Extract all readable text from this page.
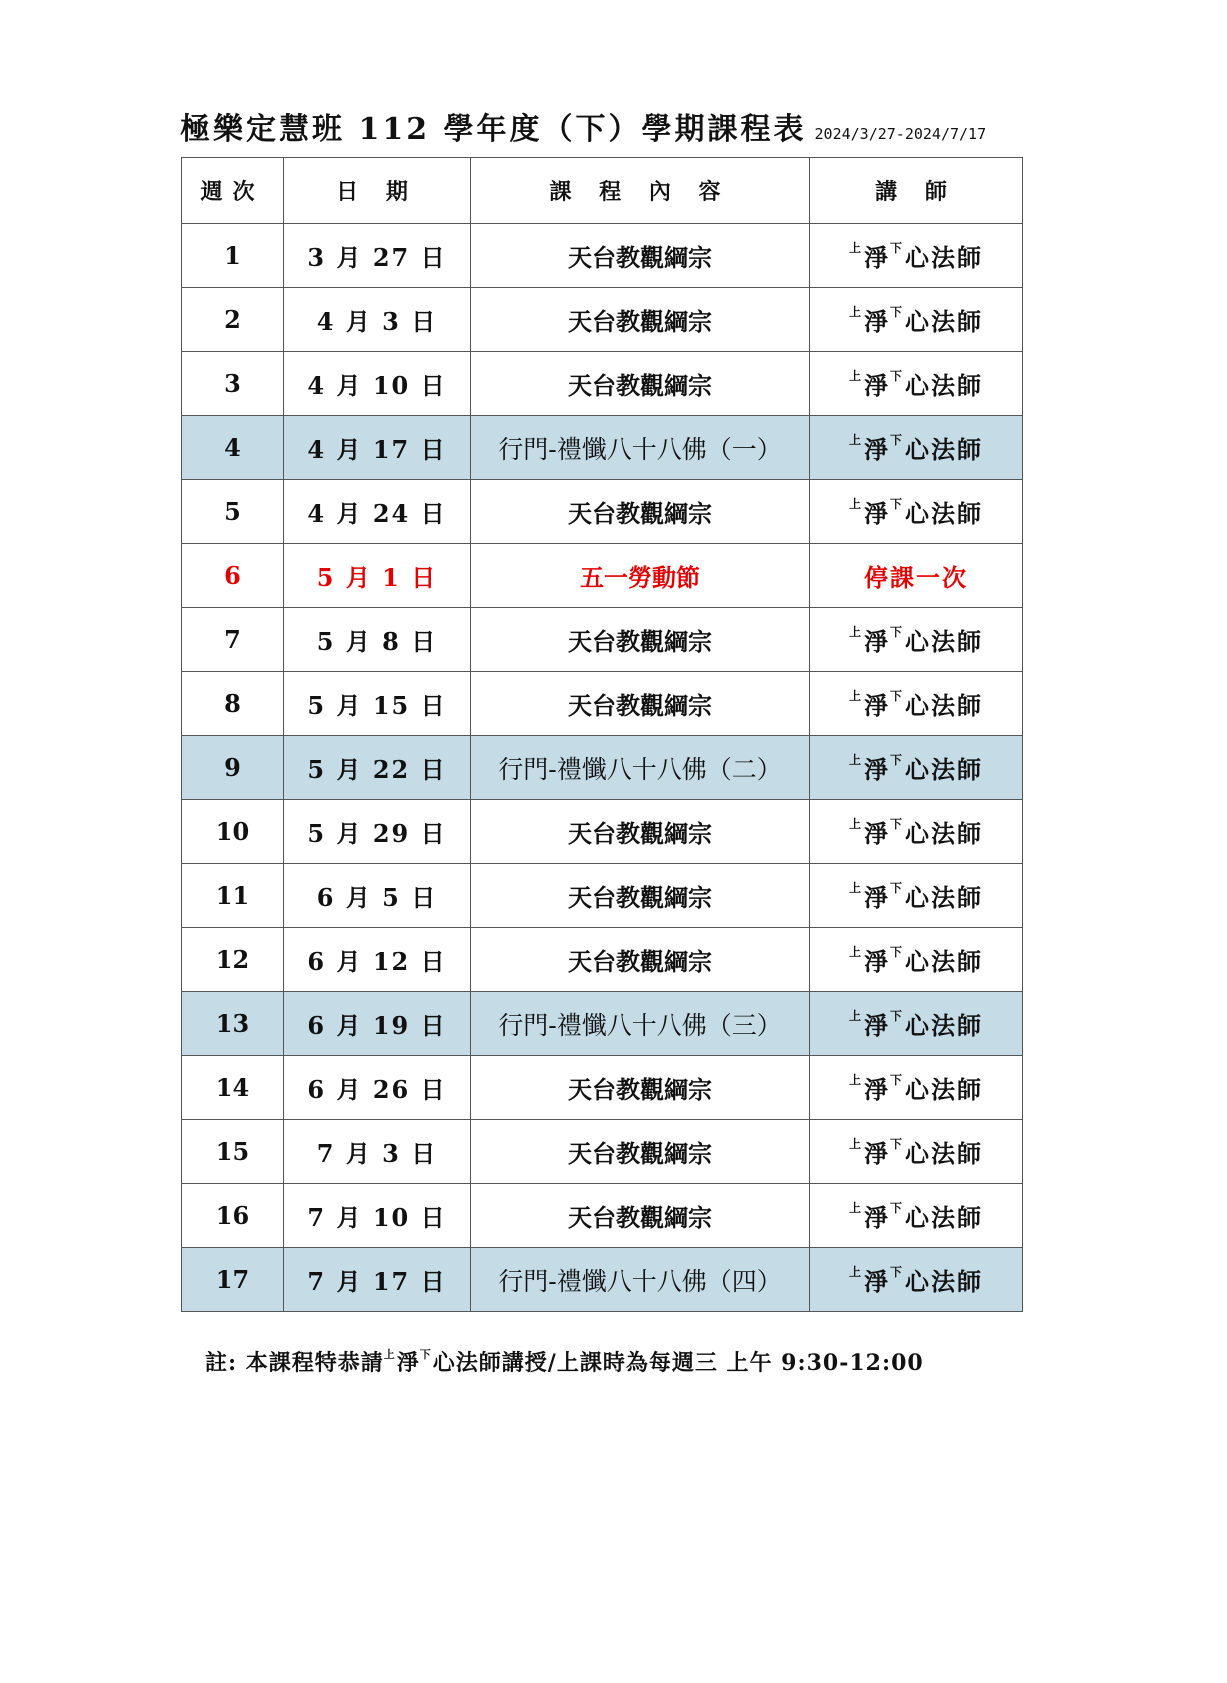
極樂定慧班 112 學年度（下）學期課程表 2024/3/27-2024/7/17
週次	日 期	課 程 內 容	講 師
1	3 月 27 日	天台教觀綱宗	$^上$淨$^下$心法師
2	4 月 3 日	天台教觀綱宗	$^上$淨$^下$心法師
3	4 月 10 日	天台教觀綱宗	$^上$淨$^下$心法師
4	4 月 17 日	行門-禮懺八十八佛（一）	$^上$淨$^下$心法師
5	4 月 24 日	天台教觀綱宗	$^上$淨$^下$心法師
6	5 月 1 日	五一勞動節	停課一次
7	5 月 8 日	天台教觀綱宗	$^上$淨$^下$心法師
8	5 月 15 日	天台教觀綱宗	$^上$淨$^下$心法師
9	5 月 22 日	行門-禮懺八十八佛（二）	$^上$淨$^下$心法師
10	5 月 29 日	天台教觀綱宗	$^上$淨$^下$心法師
11	6 月 5 日	天台教觀綱宗	$^上$淨$^下$心法師
12	6 月 12 日	天台教觀綱宗	$^上$淨$^下$心法師
13	6 月 19 日	行門-禮懺八十八佛（三）	$^上$淨$^下$心法師
14	6 月 26 日	天台教觀綱宗	$^上$淨$^下$心法師
15	7 月 3 日	天台教觀綱宗	$^上$淨$^下$心法師
16	7 月 10 日	天台教觀綱宗	$^上$淨$^下$心法師
17	7 月 17 日	行門-禮懺八十八佛（四）	$^上$淨$^下$心法師
註: 本課程特恭請$^上$淨$^下$心法師講授/上課時為每週三 上午 9:30-12:00
